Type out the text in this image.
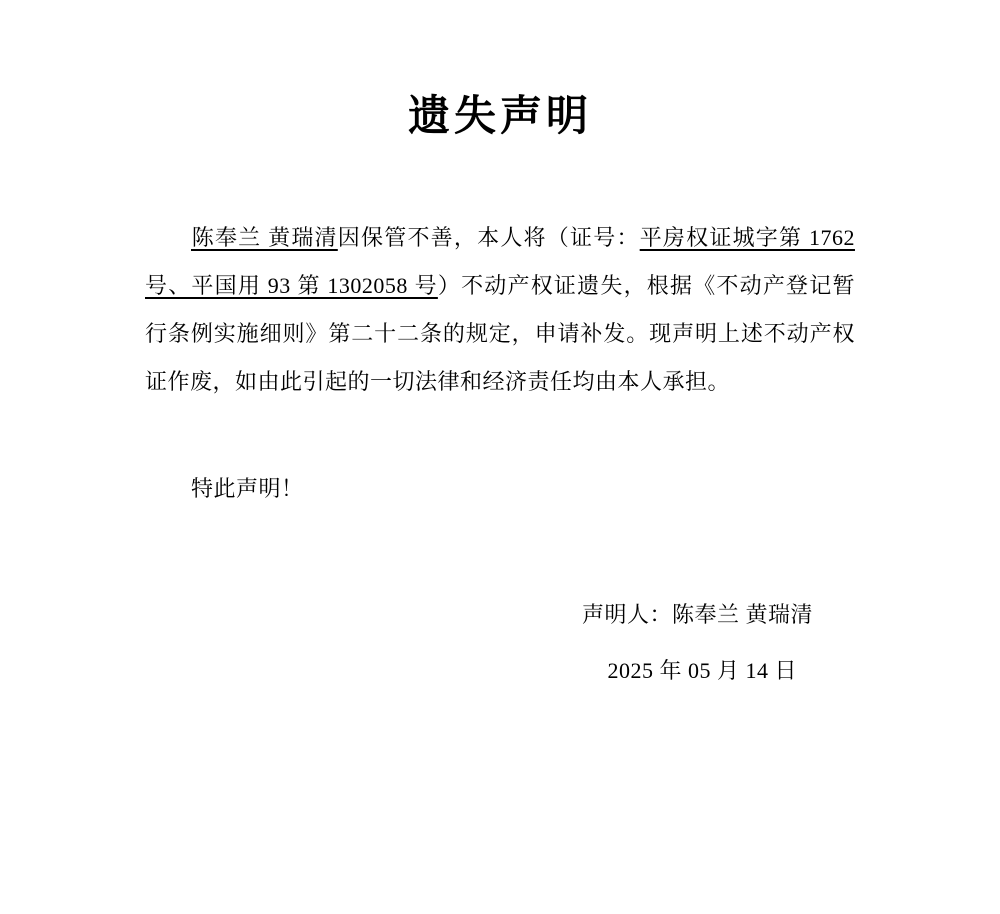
遗失声明
陈奉兰 黄瑞清因保管不善，本人将（证号：平房权证城字第 1762 号、平国用 93 第 1302058 号）不动产权证遗失，根据《不动产登记暂行条例实施细则》第二十二条的规定，申请补发。现声明上述不动产权证作废，如由此引起的一切法律和经济责任均由本人承担。
特此声明！
声明人：陈奉兰 黄瑞清
2025 年 05 月 14 日
